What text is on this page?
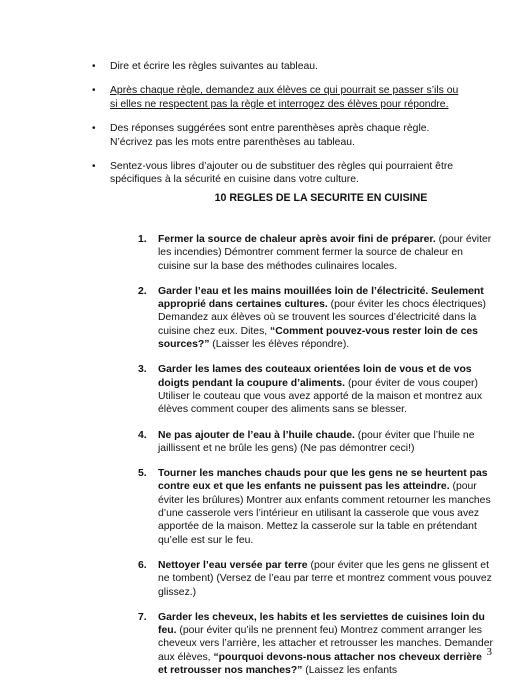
• Dire et écrire les règles suivantes au tableau.
• Après chaque règle, demandez aux élèves ce qui pourrait se passer s’ils ou si elles ne respectent pas la règle et interrogez des élèves pour répondre.
• Des réponses suggérées sont entre parenthèses après chaque règle. N’écrivez pas les mots entre parenthèses au tableau.
• Sentez-vous libres d’ajouter ou de substituer des règles qui pourraient être spécifiques à la sécurité en cuisine dans votre culture.
10 REGLES DE LA SECURITE EN CUISINE
1. Fermer la source de chaleur après avoir fini de préparer. (pour éviter les incendies) Démontrer comment fermer la source de chaleur en cuisine sur la base des méthodes culinaires locales.
2. Garder l’eau et les mains mouillées loin de l’électricité. Seulement approprié dans certaines cultures. (pour éviter les chocs électriques) Demandez aux élèves où se trouvent les sources d’électricité dans la cuisine chez eux. Dites, “Comment pouvez-vous rester loin de ces sources?” (Laisser les élèves répondre).
3. Garder les lames des couteaux orientées loin de vous et de vos doigts pendant la coupure d’aliments. (pour éviter de vous couper) Utiliser le couteau que vous avez apporté de la maison et montrez aux élèves comment couper des aliments sans se blesser.
4. Ne pas ajouter de l’eau à l’huile chaude. (pour éviter que l’huile ne jaillissent et ne brûle les gens) (Ne pas démontrer ceci!)
5. Tourner les manches chauds pour que les gens ne se heurtent pas contre eux et que les enfants ne puissent pas les atteindre. (pour éviter les brûlures) Montrer aux enfants comment retourner les manches d’une casserole vers l’intérieur en utilisant la casserole que vous avez apportée de la maison. Mettez la casserole sur la table en prétendant qu’elle est sur le feu.
6. Nettoyer l’eau versée par terre (pour éviter que les gens ne glissent et ne tombent) (Versez de l’eau par terre et montrez comment vous pouvez glissez.)
7. Garder les cheveux, les habits et les serviettes de cuisines loin du feu. (pour éviter qu’ils ne prennent feu) Montrez comment arranger les cheveux vers l’arrière, les attacher et retrousser les manches. Demander aux élèves, “pourquoi devons-nous attacher nos cheveux derrière et retrousser nos manches?” (Laissez les enfants
3
